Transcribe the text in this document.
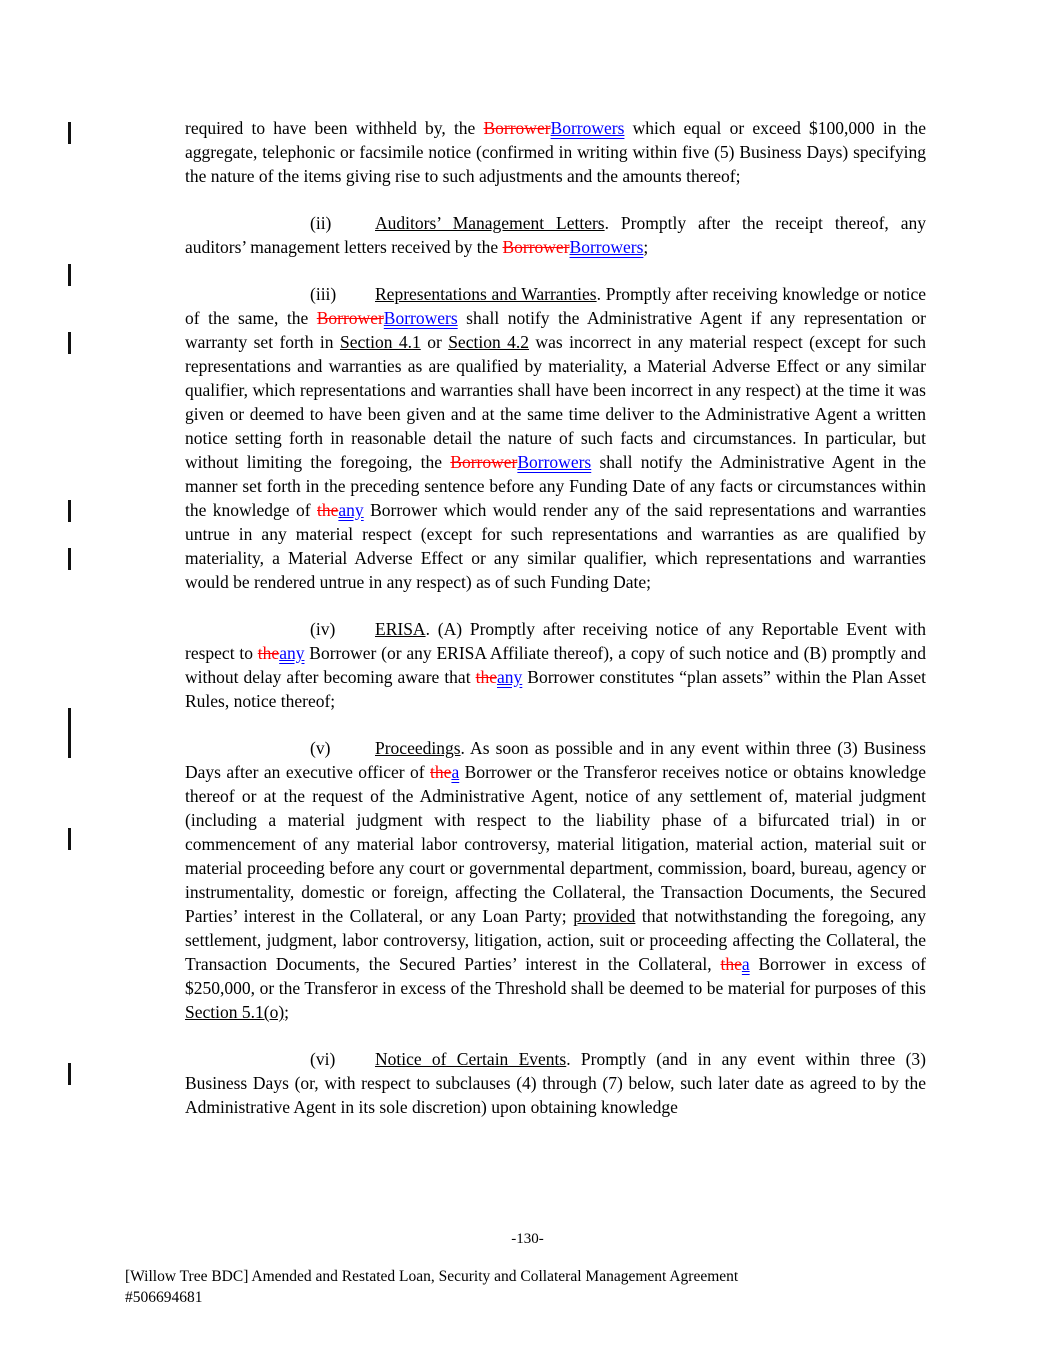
required to have been withheld by, the BorrowerBorrowers which equal or exceed $100,000 in the aggregate, telephonic or facsimile notice (confirmed in writing within five (5) Business Days) specifying the nature of the items giving rise to such adjustments and the amounts thereof;

(ii) Auditors’ Management Letters. Promptly after the receipt thereof, any auditors’ management letters received by the BorrowerBorrowers;

(iii) Representations and Warranties. Promptly after receiving knowledge or notice of the same, the BorrowerBorrowers shall notify the Administrative Agent if any representation or warranty set forth in Section 4.1 or Section 4.2 was incorrect in any material respect (except for such representations and warranties as are qualified by materiality, a Material Adverse Effect or any similar qualifier, which representations and warranties shall have been incorrect in any respect) at the time it was given or deemed to have been given and at the same time deliver to the Administrative Agent a written notice setting forth in reasonable detail the nature of such facts and circumstances. In particular, but without limiting the foregoing, the BorrowerBorrowers shall notify the Administrative Agent in the manner set forth in the preceding sentence before any Funding Date of any facts or circumstances within the knowledge of theany Borrower which would render any of the said representations and warranties untrue in any material respect (except for such representations and warranties as are qualified by materiality, a Material Adverse Effect or any similar qualifier, which representations and warranties would be rendered untrue in any respect) as of such Funding Date;

(iv) ERISA. (A) Promptly after receiving notice of any Reportable Event with respect to theany Borrower (or any ERISA Affiliate thereof), a copy of such notice and (B) promptly and without delay after becoming aware that theany Borrower constitutes “plan assets” within the Plan Asset Rules, notice thereof;

(v)	Proceedings. As soon as possible and in any event within three (3) Business Days after an executive officer of thea Borrower or the Transferor receives notice or obtains knowledge thereof or at the request of the Administrative Agent, notice of any settlement of, material judgment (including a material judgment with respect to the liability phase of a bifurcated trial) in or commencement of any material labor controversy, material litigation, material action, material suit or material proceeding before any court or governmental department, commission, board, bureau, agency or instrumentality, domestic or foreign, affecting the Collateral, the Transaction Documents, the Secured Parties’ interest in the Collateral, or any Loan Party; provided that notwithstanding the foregoing, any settlement, judgment, labor controversy, litigation, action, suit or proceeding affecting the Collateral, the Transaction Documents, the Secured Parties’ interest in the Collateral, thea Borrower in excess of $250,000, or the Transferor in excess of the Threshold shall be deemed to be material for purposes of this Section 5.1(o);

(vi) Notice of Certain Events. Promptly (and in any event within three (3) Business Days (or, with respect to subclauses (4) through (7) below, such later date as agreed to by the Administrative Agent in its sole discretion) upon obtaining knowledge

-130-
[Willow Tree BDC] Amended and Restated Loan, Security and Collateral Management Agreement
#506694681
